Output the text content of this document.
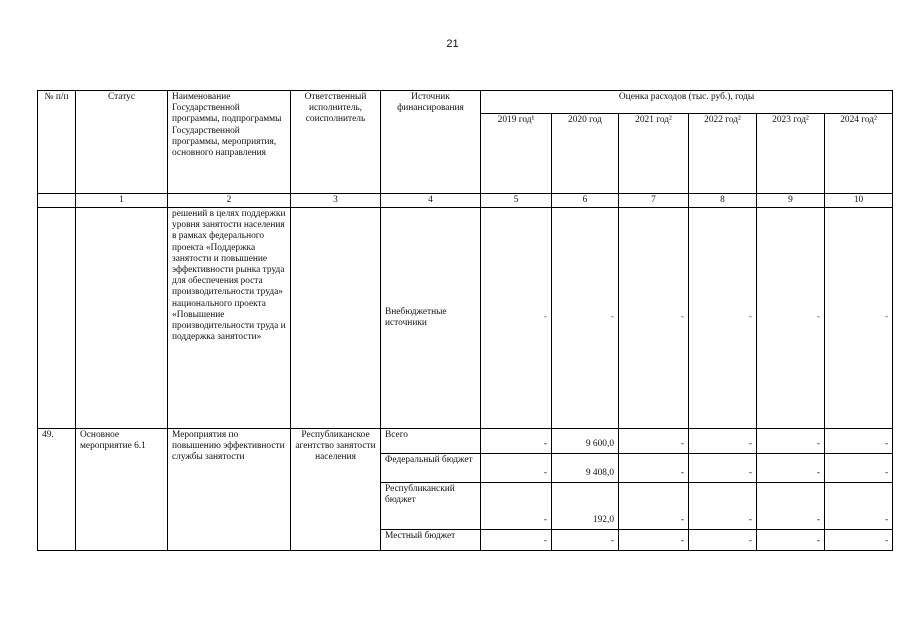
21
№ п/п	Статус	Наименование Государственной программы, подпрограммы Государственной программы, мероприятия, основного направления	Ответственный исполнитель, соисполнитель	Источник финансирования	Оценка расходов (тыс. руб.), годы					
					2019 год¹	2020 год	2021 год²	2022 год²	2023 год²	2024 год²
	1	2	3	4	5	6	7	8	9	10
		решений в целях поддержки уровня занятости населения в рамках федерального проекта «Поддержка занятости и повышение эффективности рынка труда для обеспечения роста производительности труда» национального проекта «Повышение производительности труда и поддержка занятости»		Внебюджетные источники	-	-	-	-	-	-
49.	Основное мероприятие 6.1	Мероприятия по повышению эффективности службы занятости	Республиканское агентство занятости населения	Всего	-	9 600,0	-	-	-	-
				Федеральный бюджет	-	9 408,0	-	-	-	-
				Республиканский бюджет	-	192,0	-	-	-	-
				Местный бюджет	-	-	-	-	-	-
